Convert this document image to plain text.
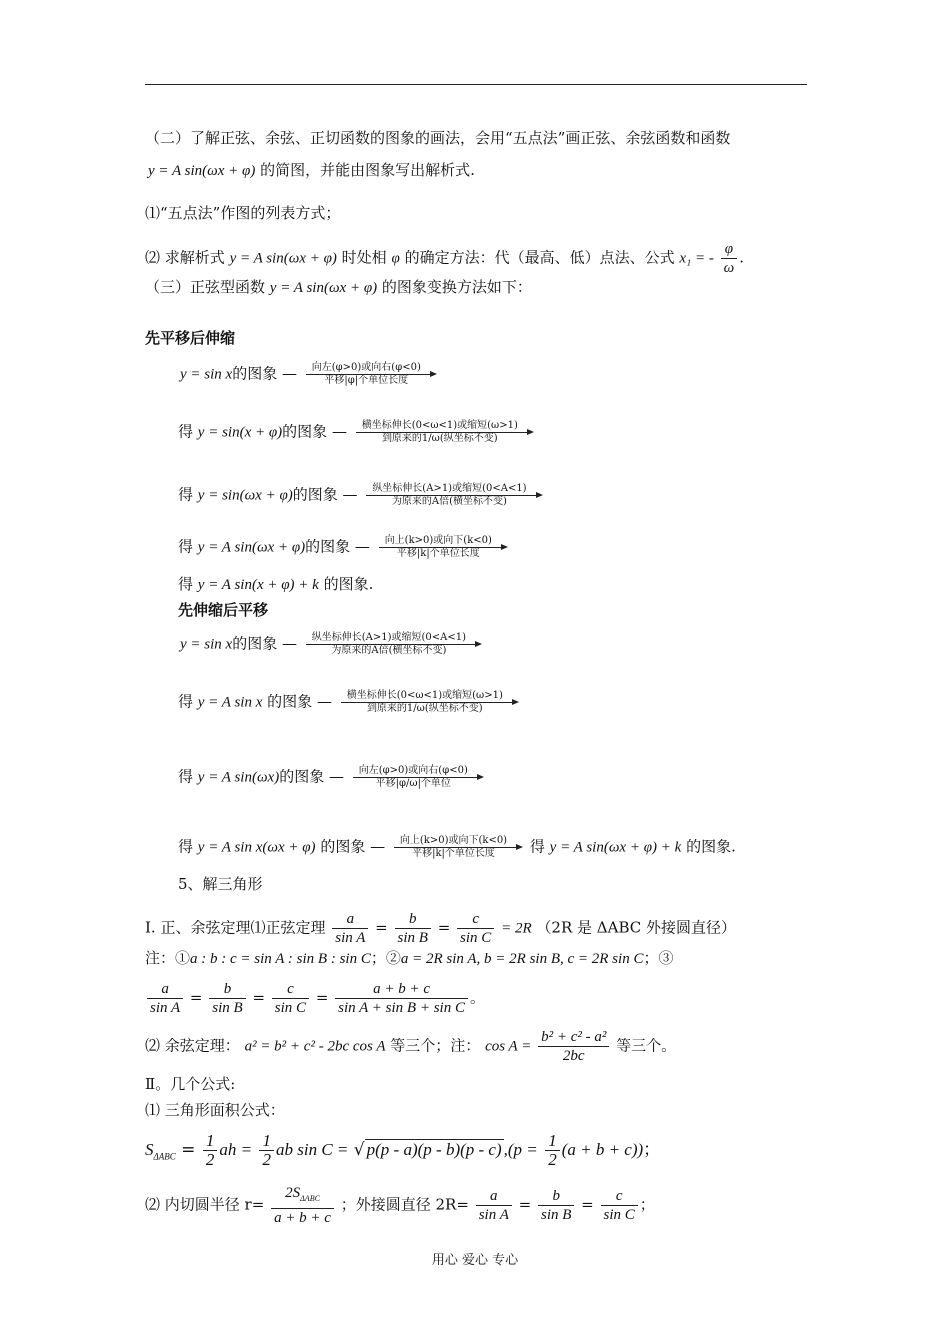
（二）了解正弦、余弦、正切函数的图象的画法，会用“五点法”画正弦、余弦函数和函数
y = A sin(ωx + φ) 的简图，并能由图象写出解析式.
⑴“五点法”作图的列表方式；
⑵ 求解析式 y = A sin(ωx + φ) 时处相 φ 的确定方法：代（最高、低）点法、公式 x₁ = - $\frac{\varphi}{\omega}$ .
（三）正弦型函数 y = A sin(ωx + φ) 的图象变换方法如下：
先平移后伸缩
y = sin x的图象 —	向左(φ>0)或向右(φ<0)
平移|φ|个单位长度
得 y = sin(x + φ)的图象 —	横坐标伸长(0<ω<1)或缩短(ω>1)
到原来的1/ω(纵坐标不变)
得 y = sin(ωx + φ)的图象 —	纵坐标伸长(A>1)或缩短(0<A<1)
为原来的A倍(横坐标不变)
得 y = A sin(ωx + φ)的图象 —	向上(k>0)或向下(k<0)
平移|k|个单位长度
得 y = A sin(x + φ) + k 的图象.
先伸缩后平移
y = sin x的图象 —	纵坐标伸长(A>1)或缩短(0<A<1)
为原来的A倍(横坐标不变)
得 y = A sin x 的图象 —	横坐标伸长(0<ω<1)或缩短(ω>1)
到原来的1/ω(纵坐标不变)
得 y = A sin(ωx)的图象 —	向左(φ>0)或向右(φ<0)
平移|φ/ω|个单位
得 y = A sin x(ωx + φ) 的图象 —	向上(k>0)或向下(k<0)
平移|k|个单位长度	得 y = A sin(ωx + φ) + k 的图象.
5、解三角形
Ⅰ. 正、余弦定理⑴正弦定理 $\frac{a}{\text{sin A}} = \frac{b}{\text{sin B}} = \frac{c}{\text{sin C}} = 2R$ （2R 是 ΔABC 外接圆直径）
注：①a : b : c = sin A : sin B : sin C；②a = 2R sin A, b = 2R sin B, c = 2R sin C；③
$\frac{a}{\text{sin A}} = \frac{b}{\text{sin B}} = \frac{c}{\text{sin C}} = \frac{a + b + c}{\text{sin A + sin B + sin C}}$ 。
⑵ 余弦定理： a² = b² + c² - 2bc cos A 等三个；注： $\cos A = \frac{\text{b² + c² - a²}}{2bc}$ 等三个。
Ⅱ。几个公式:
⑴ 三角形面积公式：
$S_{\Delta ABC} = \frac{1}{2}$ ah = $\frac{1}{2}$ ab sin C = √ p(p - a)(p - b)(p - c) $,(p = \frac{1}{2} (a + b + c))$；
⑵ 内切圆半径 $r= \frac{2S_{\Delta ABC}}{a + b + c}$ ；外接圆直径 $2R= \frac{a}{\text{sin A}} = \frac{b}{\text{sin B}} = \frac{c}{\text{sin C}}$ ；
用心 爱心 专心
